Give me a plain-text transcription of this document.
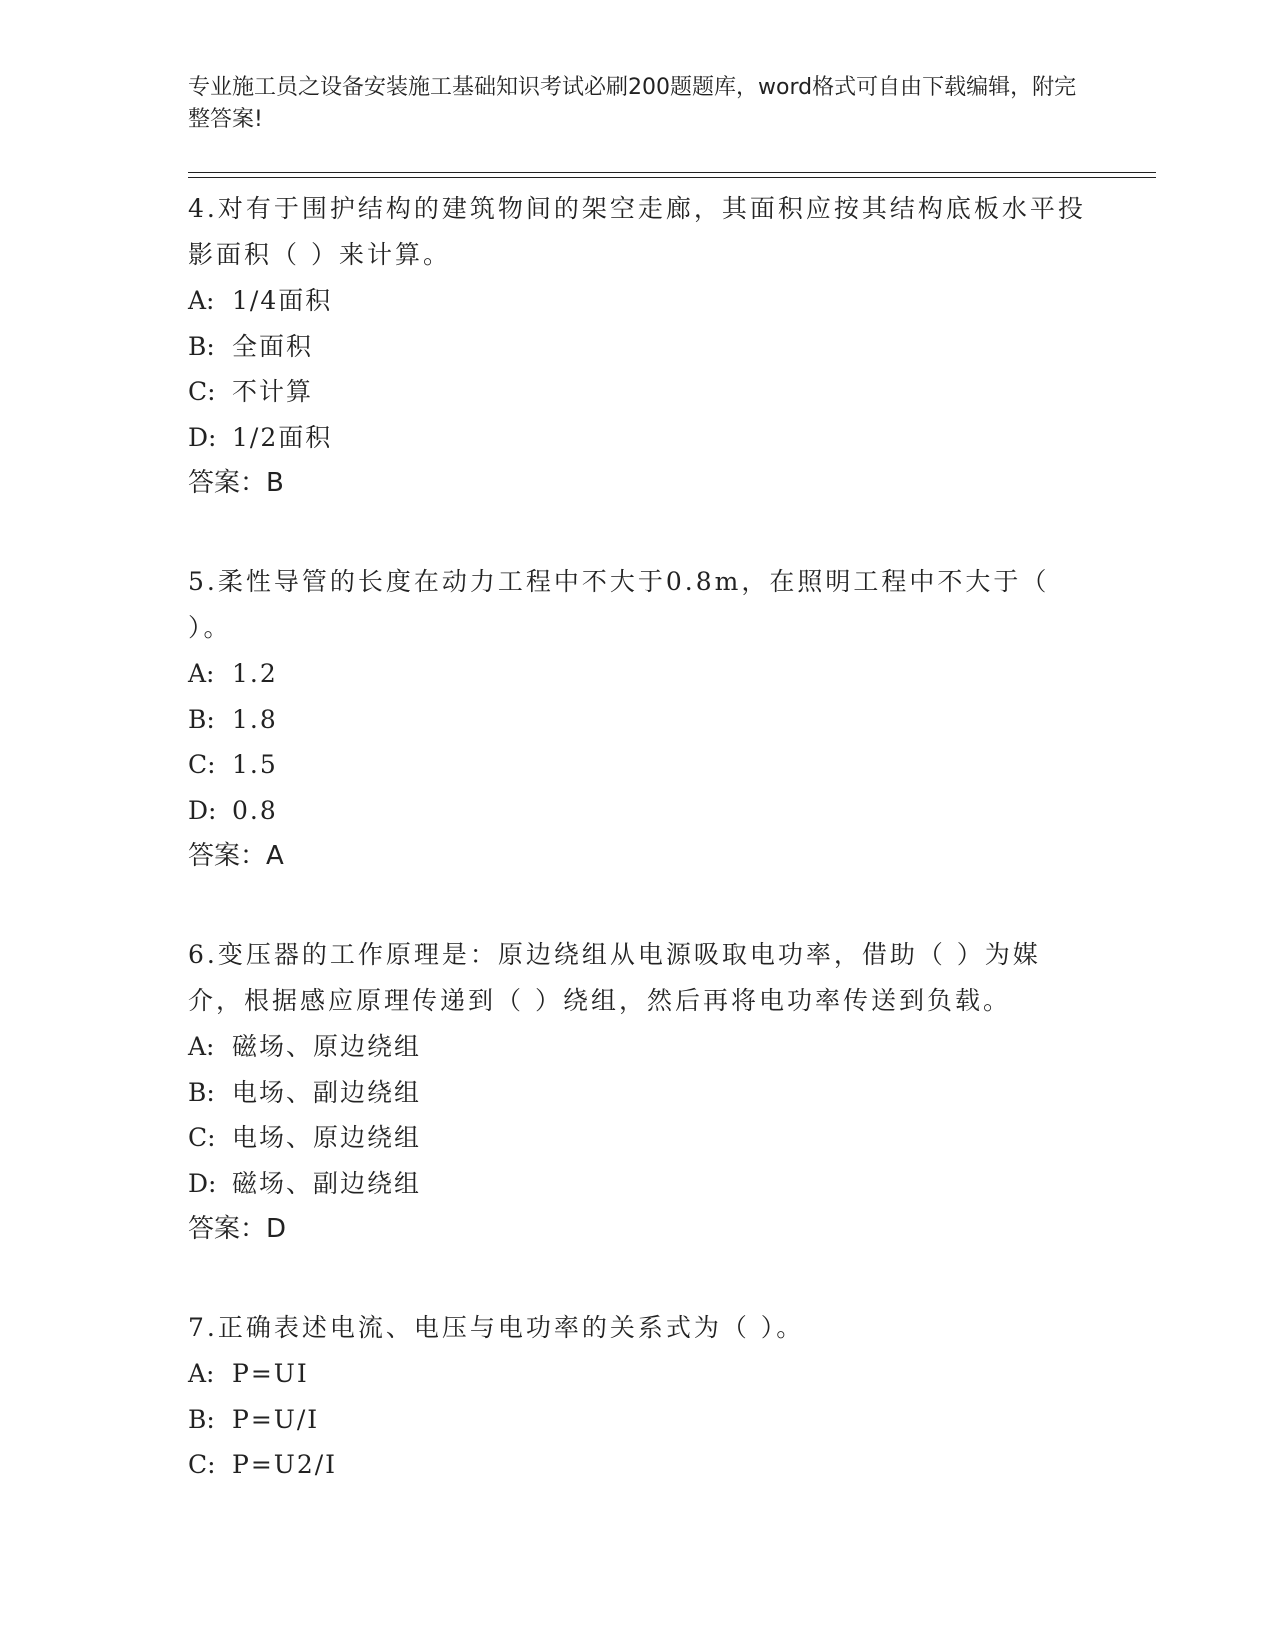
专业施工员之设备安装施工基础知识考试必刷200题题库，word格式可自由下载编辑，附完整答案!
4.对有于围护结构的建筑物间的架空走廊，其面积应按其结构底板水平投影面积（ ）来计算。
A: 1/4面积
B: 全面积
C: 不计算
D: 1/2面积
答案：B
5.柔性导管的长度在动力工程中不大于0.8m，在照明工程中不大于（ ）。
A: 1.2
B: 1.8
C: 1.5
D: 0.8
答案：A
6.变压器的工作原理是：原边绕组从电源吸取电功率，借助（ ）为媒介，根据感应原理传递到（ ）绕组，然后再将电功率传送到负载。
A: 磁场、原边绕组
B: 电场、副边绕组
C: 电场、原边绕组
D: 磁场、副边绕组
答案：D
7.正确表述电流、电压与电功率的关系式为（ ）。
A: P=UI
B: P=U/I
C: P=U2/I
